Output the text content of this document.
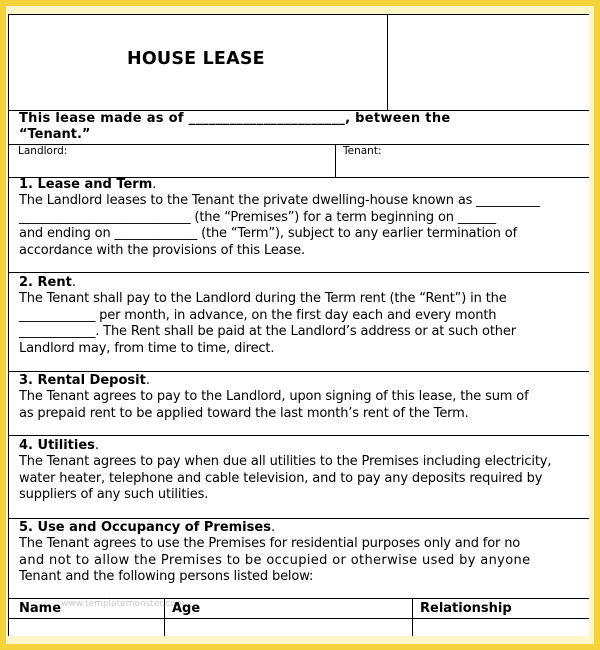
HOUSE LEASE
This lease made as of _______________________, between the
“Tenant.”
Landlord:	Tenant:
1. Lease and Term.
The Landlord leases to the Tenant the private dwelling-house known as __________
___________________________ (the “Premises”) for a term beginning on ______
and ending on _____________ (the “Term”), subject to any earlier termination of
accordance with the provisions of this Lease.
2. Rent.
The Tenant shall pay to the Landlord during the Term rent (the “Rent”) in the
____________ per month, in advance, on the first day each and every month
____________. The Rent shall be paid at the Landlord’s address or at such other
Landlord may, from time to time, direct.
3. Rental Deposit.
The Tenant agrees to pay to the Landlord, upon signing of this lease, the sum of
as prepaid rent to be applied toward the last month’s rent of the Term.
4. Utilities.
The Tenant agrees to pay when due all utilities to the Premises including electricity,
water heater, telephone and cable television, and to pay any deposits required by
suppliers of any such utilities.
5. Use and Occupancy of Premises.
The Tenant agrees to use the Premises for residential purposes only and for no
and not to allow the Premises to be occupied or otherwise used by anyone
Tenant and the following persons listed below:
www.templatemonster.com
Name	Age	Relationship
